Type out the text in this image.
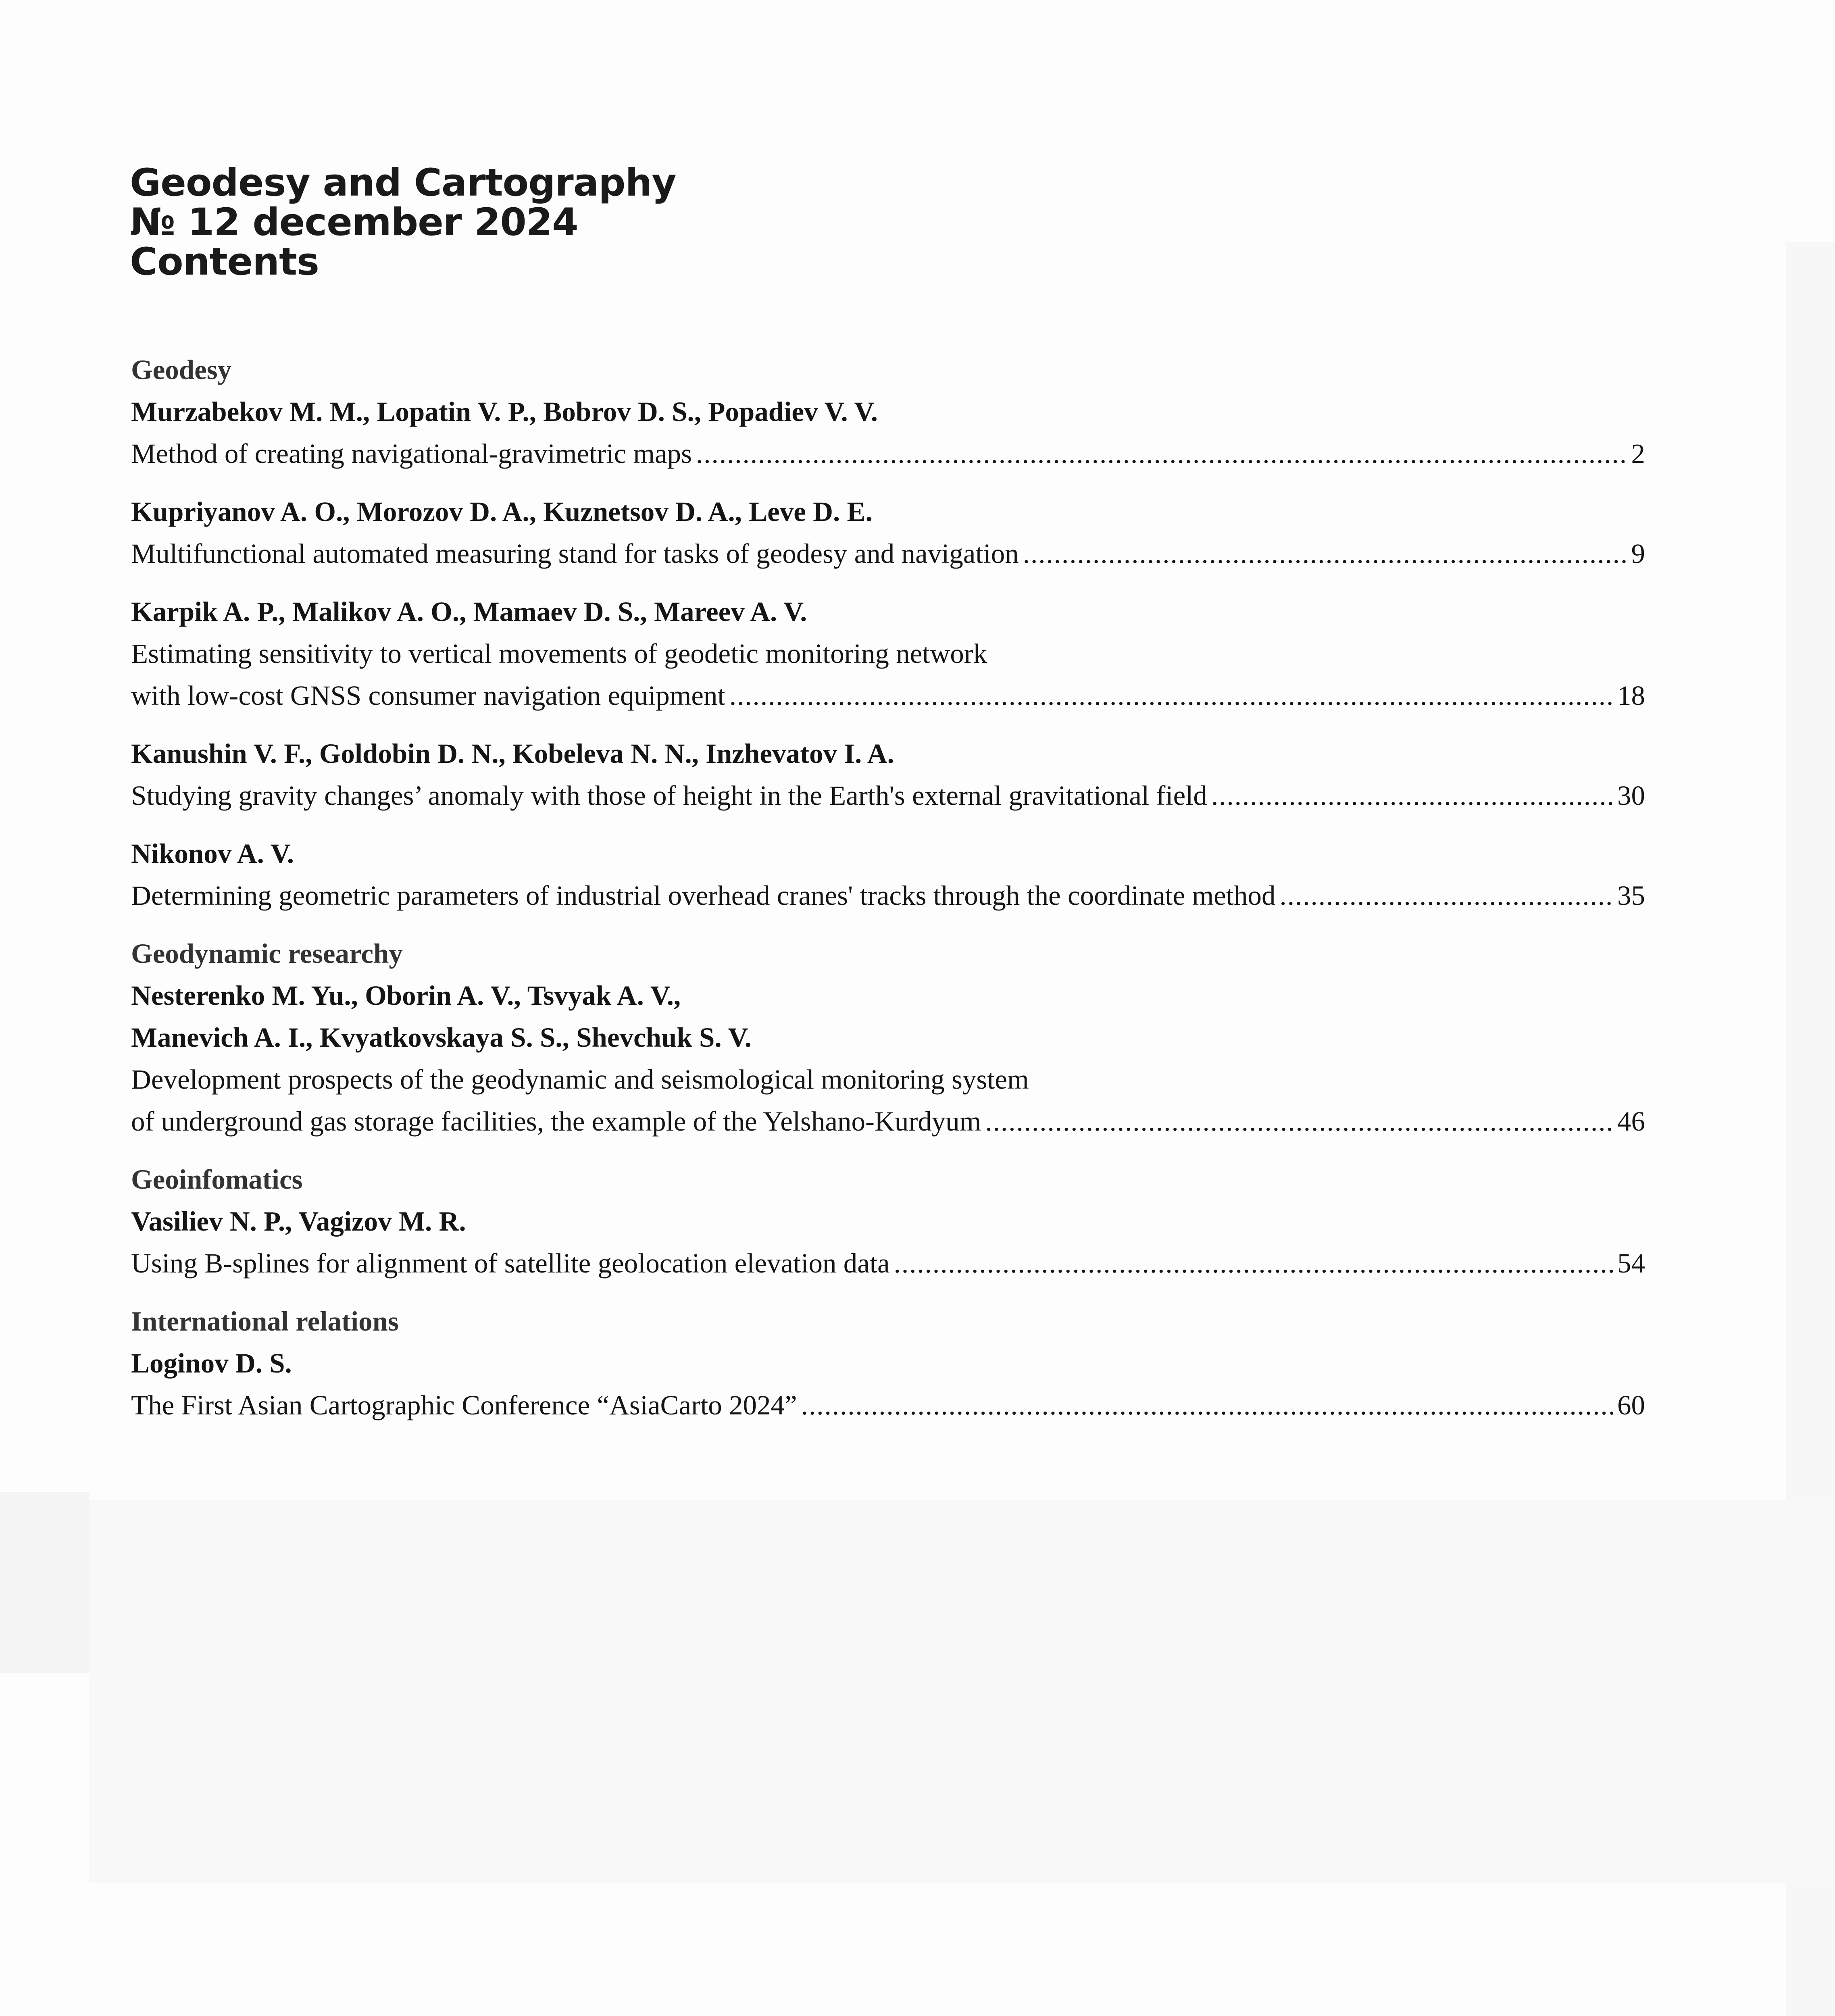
Geodesy and Cartography
№ 12 december 2024
Contents
Geodesy
Murzabekov M. M., Lopatin V. P., Bobrov D. S., Popadiev V. V.
Method of creating navigational-gravimetric maps .....	2
Kupriyanov A. O., Morozov D. A., Kuznetsov D. A., Leve D. E.
Multifunctional automated measuring stand for tasks of geodesy and navigation .....	9
Karpik A. P., Malikov A. O., Mamaev D. S., Mareev A. V.
Estimating sensitivity to vertical movements of geodetic monitoring network
with low-cost GNSS consumer navigation equipment .....	18
Kanushin V. F., Goldobin D. N., Kobeleva N. N., Inzhevatov I. A.
Studying gravity changes’ anomaly with those of height in the Earth's external gravitational field .....	30
Nikonov A. V.
Determining geometric parameters of industrial overhead cranes' tracks through the coordinate method .....	35
Geodynamic researchy
Nesterenko M. Yu., Oborin A. V., Tsvyak A. V.,
Manevich A. I., Kvyatkovskaya S. S., Shevchuk S. V.
Development prospects of the geodynamic and seismological monitoring system
of underground gas storage facilities, the example of the Yelshano-Kurdyum .....	46
Geoinfomatics
Vasiliev N. P., Vagizov M. R.
Using B-splines for alignment of satellite geolocation elevation data .....	54
International relations
Loginov D. S.
The First Asian Cartographic Conference “AsiaCarto 2024” .....	60
